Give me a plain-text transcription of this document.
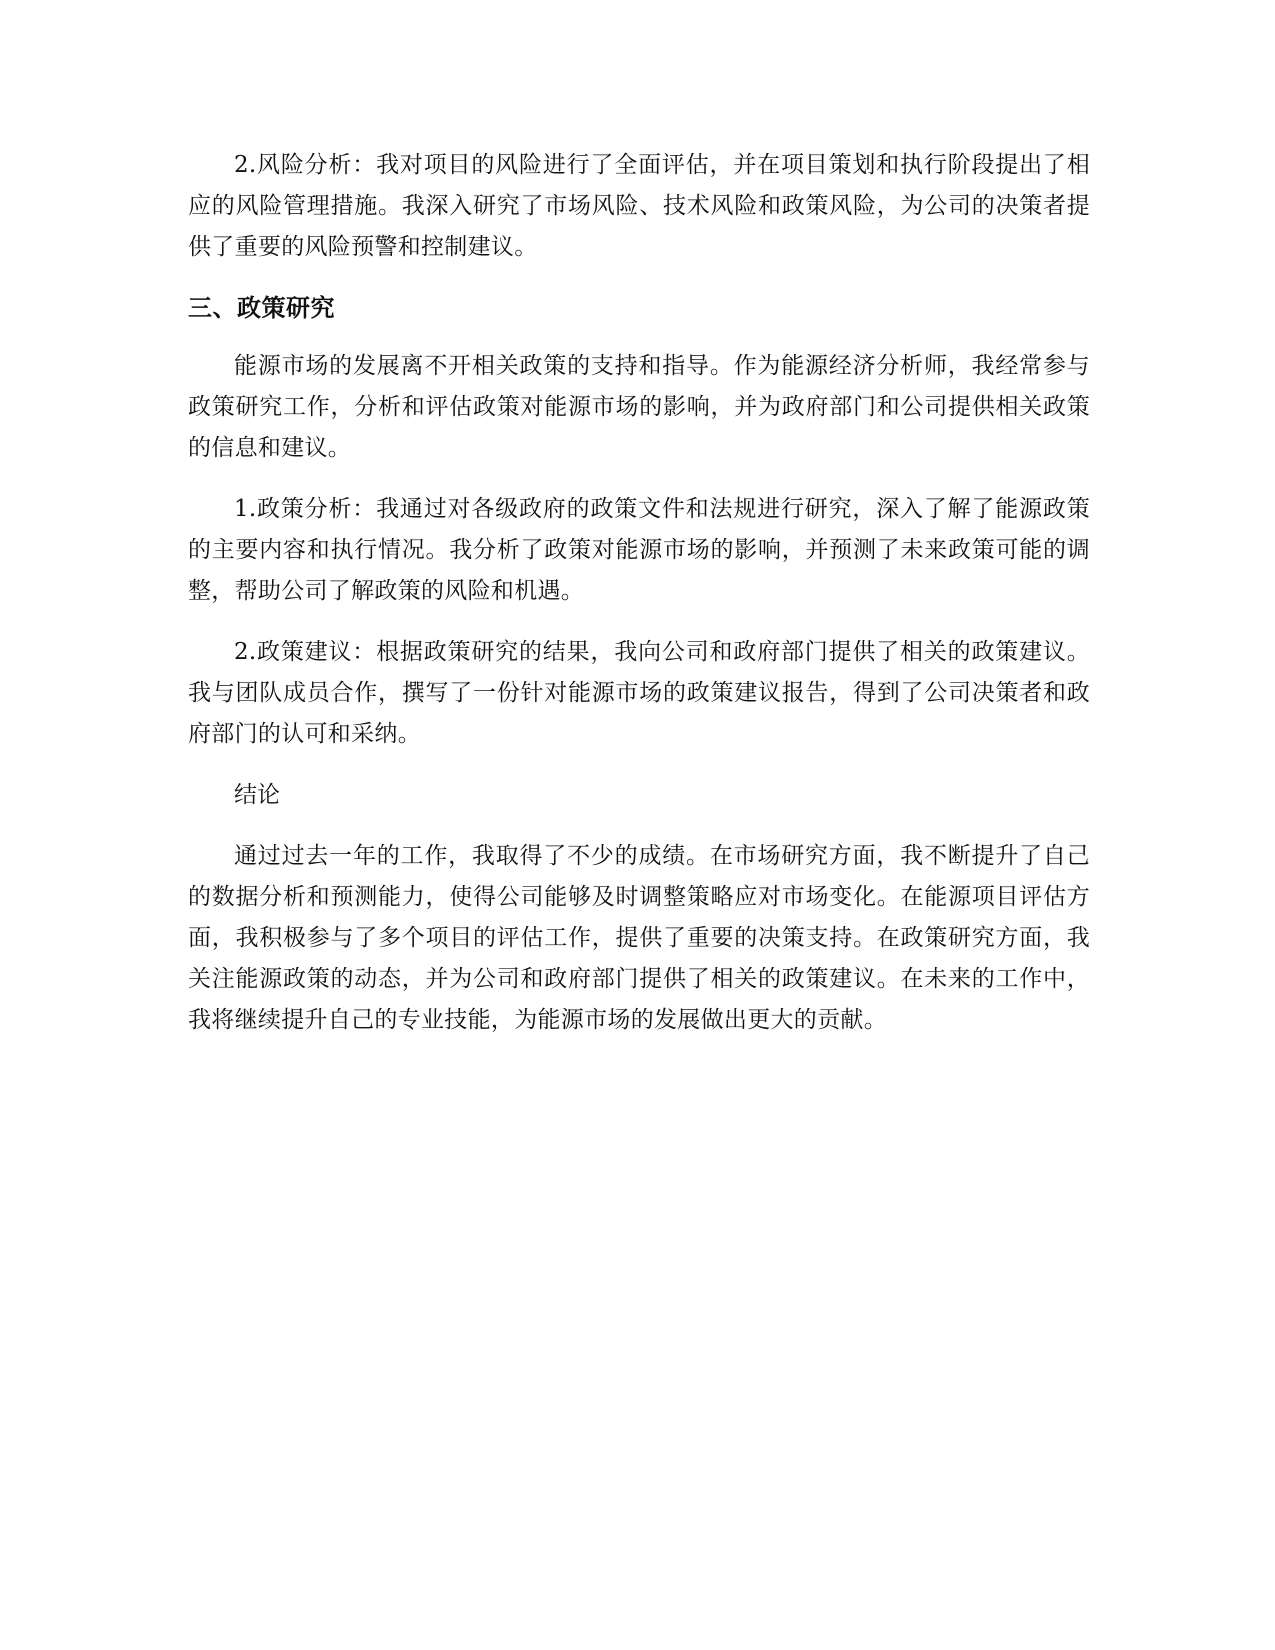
2.风险分析：我对项目的风险进行了全面评估，并在项目策划和执行阶段提出了相应的风险管理措施。我深入研究了市场风险、技术风险和政策风险，为公司的决策者提供了重要的风险预警和控制建议。

三、政策研究

能源市场的发展离不开相关政策的支持和指导。作为能源经济分析师，我经常参与政策研究工作，分析和评估政策对能源市场的影响，并为政府部门和公司提供相关政策的信息和建议。

1.政策分析：我通过对各级政府的政策文件和法规进行研究，深入了解了能源政策的主要内容和执行情况。我分析了政策对能源市场的影响，并预测了未来政策可能的调整，帮助公司了解政策的风险和机遇。

2.政策建议：根据政策研究的结果，我向公司和政府部门提供了相关的政策建议。我与团队成员合作，撰写了一份针对能源市场的政策建议报告，得到了公司决策者和政府部门的认可和采纳。

结论

通过过去一年的工作，我取得了不少的成绩。在市场研究方面，我不断提升了自己的数据分析和预测能力，使得公司能够及时调整策略应对市场变化。在能源项目评估方面，我积极参与了多个项目的评估工作，提供了重要的决策支持。在政策研究方面，我关注能源政策的动态，并为公司和政府部门提供了相关的政策建议。在未来的工作中，我将继续提升自己的专业技能，为能源市场的发展做出更大的贡献。
